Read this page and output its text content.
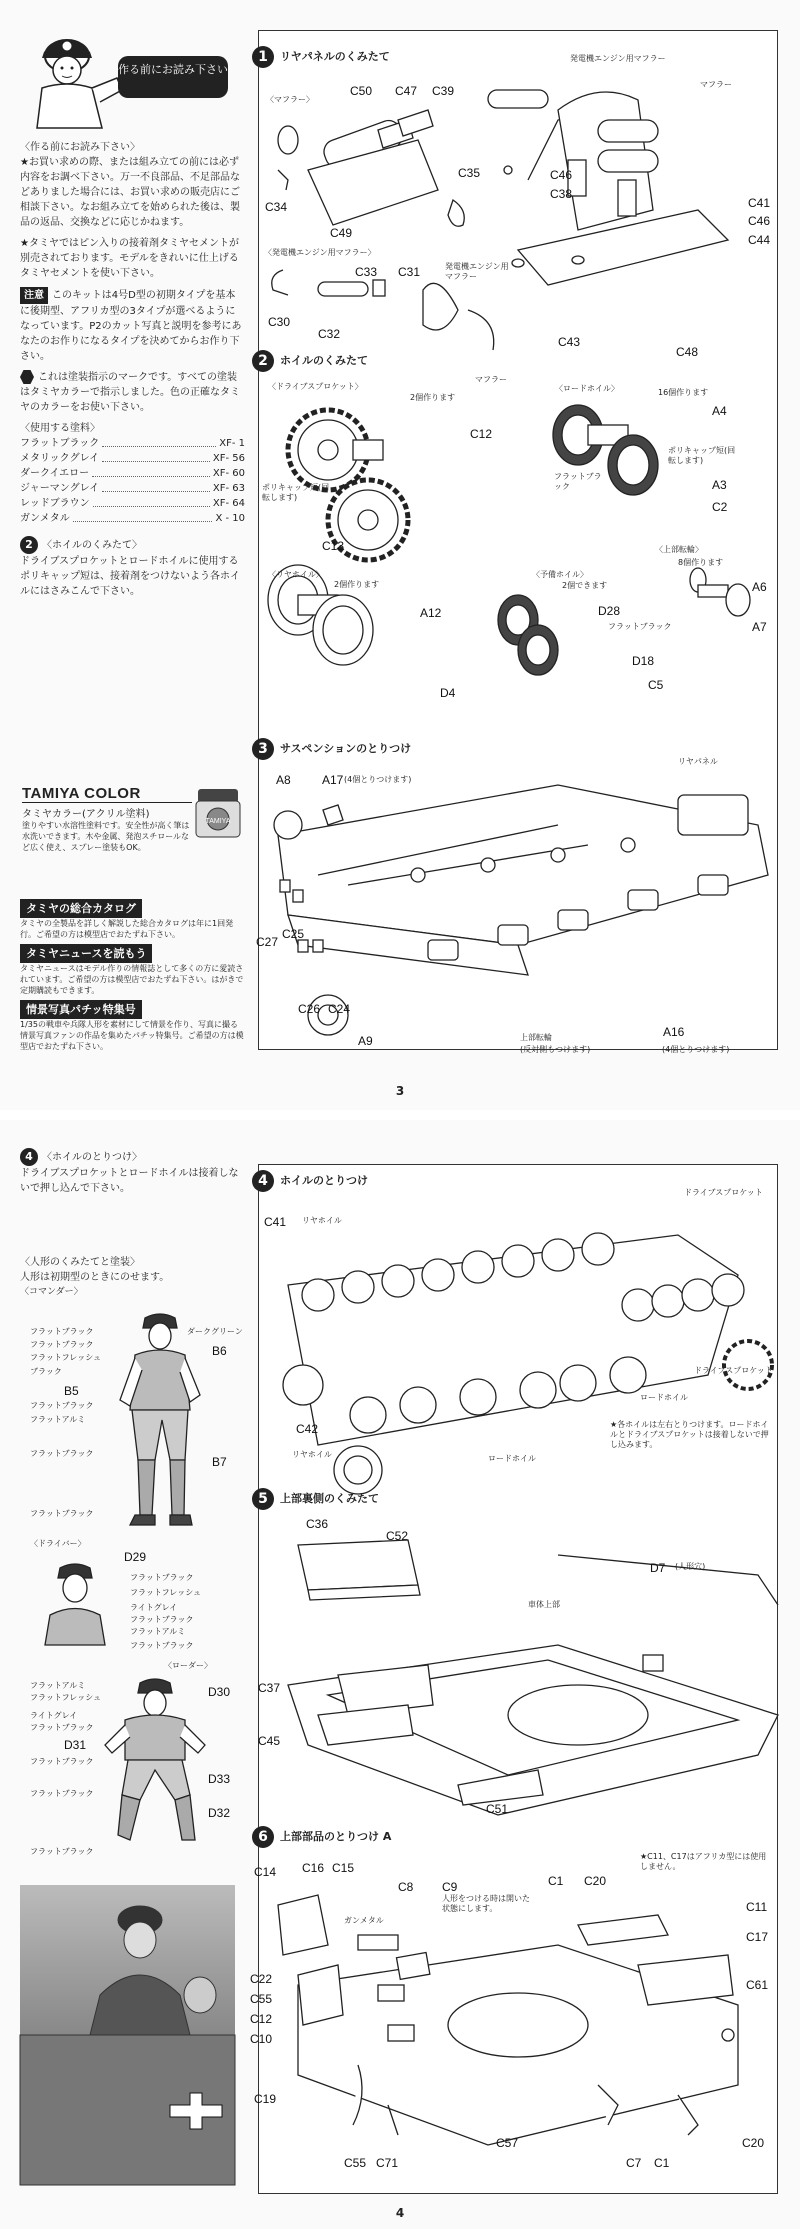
作る前にお読み下さい
〈作る前にお読み下さい〉
★お買い求めの際、または組み立ての前には必ず内容をお調べ下さい。万一不良部品、不足部品などありました場合には、お買い求めの販売店にご相談下さい。なお組み立てを始められた後は、製品の返品、交換などに応じかねます。
★タミヤではピン入りの接着剤タミヤセメントが別売されております。モデルをきれいに仕上げるタミヤセメントを使い下さい。
注意 このキットは4号D型の初期タイプを基本に後期型、アフリカ型の3タイプが選べるようになっています。P2のカット写真と説明を参考にあなたのお作りになるタイプを決めてからお作り下さい。
これは塗装指示のマークです。すべての塗装はタミヤカラーで指示しました。色の正確なタミヤのカラーをお使い下さい。
〈使用する塗料〉
フラットブラック	XF- 1
メタリックグレイ	XF- 56
ダークイエロー	XF- 60
ジャーマングレイ	XF- 63
レッドブラウン	XF- 64
ガンメタル	X - 10
2 〈ホイルのくみたて〉
ドライブスプロケットとロードホイルに使用するポリキャップ短は、接着剤をつけないよう各ホイルにはさみこんで下さい。
TAMIYA COLOR
タミヤカラー(アクリル塗料)
塗りやすい水溶性塗料です。安全性が高く筆は水洗いできます。木や金属、発泡スチロールなど広く使え、スプレー塗装もOK。
TAMIYA
タミヤの総合カタログ
タミヤの全製品を詳しく解説した総合カタログは年に1回発行。ご希望の方は模型店でおたずね下さい。
タミヤニュースを読もう
タミヤニュースはモデル作りの情報誌として多くの方に愛読されています。ご希望の方は模型店でおたずね下さい。はがきで定期購読もできます。
情景写真パチッ特集号
1/35の戦車や兵隊人形を素材にして情景を作り、写真に撮る情景写真ファンの作品を集めたパチッ特集号。ご希望の方は模型店でおたずね下さい。
1 リヤパネルのくみたて
〈マフラー〉
C50 C47 C39
C35
C34
C49
発電機エンジン用マフラー
マフラー
C46
C38
C41
C46
C44
〈発電機エンジン用マフラー〉
C33 C31	発電機エンジン用マフラー
C30
C32
C43
C48
マフラー
2 ホイルのくみたて
〈ドライブスプロケット〉
2個作ります
C12
ポリキャップ短(回転します)
C13
〈ロードホイル〉	16個作ります
A4
ポリキャップ短(回転します)
フラットブラック	A3
C2
〈上部転輪〉
8個作ります
A6
A7
〈リヤホイル〉
2個作ります
A12
D4
〈予備ホイル〉
2個できます
D28
フラットブラック
D18
C5
3 サスペンションのとりつけ
A8	A17 (4個とりつけます)
リヤパネル
C27
C25
C26 C24
A9	上部転輪
(反対側もつけます)
A16
(4個とりつけます)
3
4 〈ホイルのとりつけ〉
ドライブスプロケットとロードホイルは接着しないで押し込んで下さい。
〈人形のくみたてと塗装〉
人形は初期型のときにのせます。
〈コマンダー〉
フラットブラック
フラットブラック
フラットフレッシュ
ブラック
フラットブラック
フラットアルミ
フラットブラック
フラットブラック
ダークグリーン
B6
B5
B7
〈ドライバー〉
D29
フラットブラック
フラットフレッシュ
ライトグレイ
フラットブラック
フラットアルミ
フラットブラック
〈ローダー〉
D30
D31
D33
D32
フラットアルミ
フラットフレッシュ
ライトグレイ
フラットブラック
フラットブラック
フラットブラック
フラットブラック
4 ホイルのとりつけ
C41 リヤホイル
ドライブスプロケット
ドライブスプロケット
ロードホイル
C42
リヤホイル	ロードホイル
★各ホイルは左右とりつけます。ロードホイルとドライブスプロケットは接着しないで押し込みます。
5 上部裏側のくみたて
C36
C52
車体上部
D7 (人形穴)
C37
C45
C51
6 上部部品のとりつけ A
★C11、C17はアフリカ型には使用しません。
C14 C16 C15
C8 C9
人形をつける時は開いた状態にします。
C1 C20
C11
C17
ガンメタル
C22
C55
C12
C10
C61
C19
C55 C71
C57
C7 C1
C20
4
